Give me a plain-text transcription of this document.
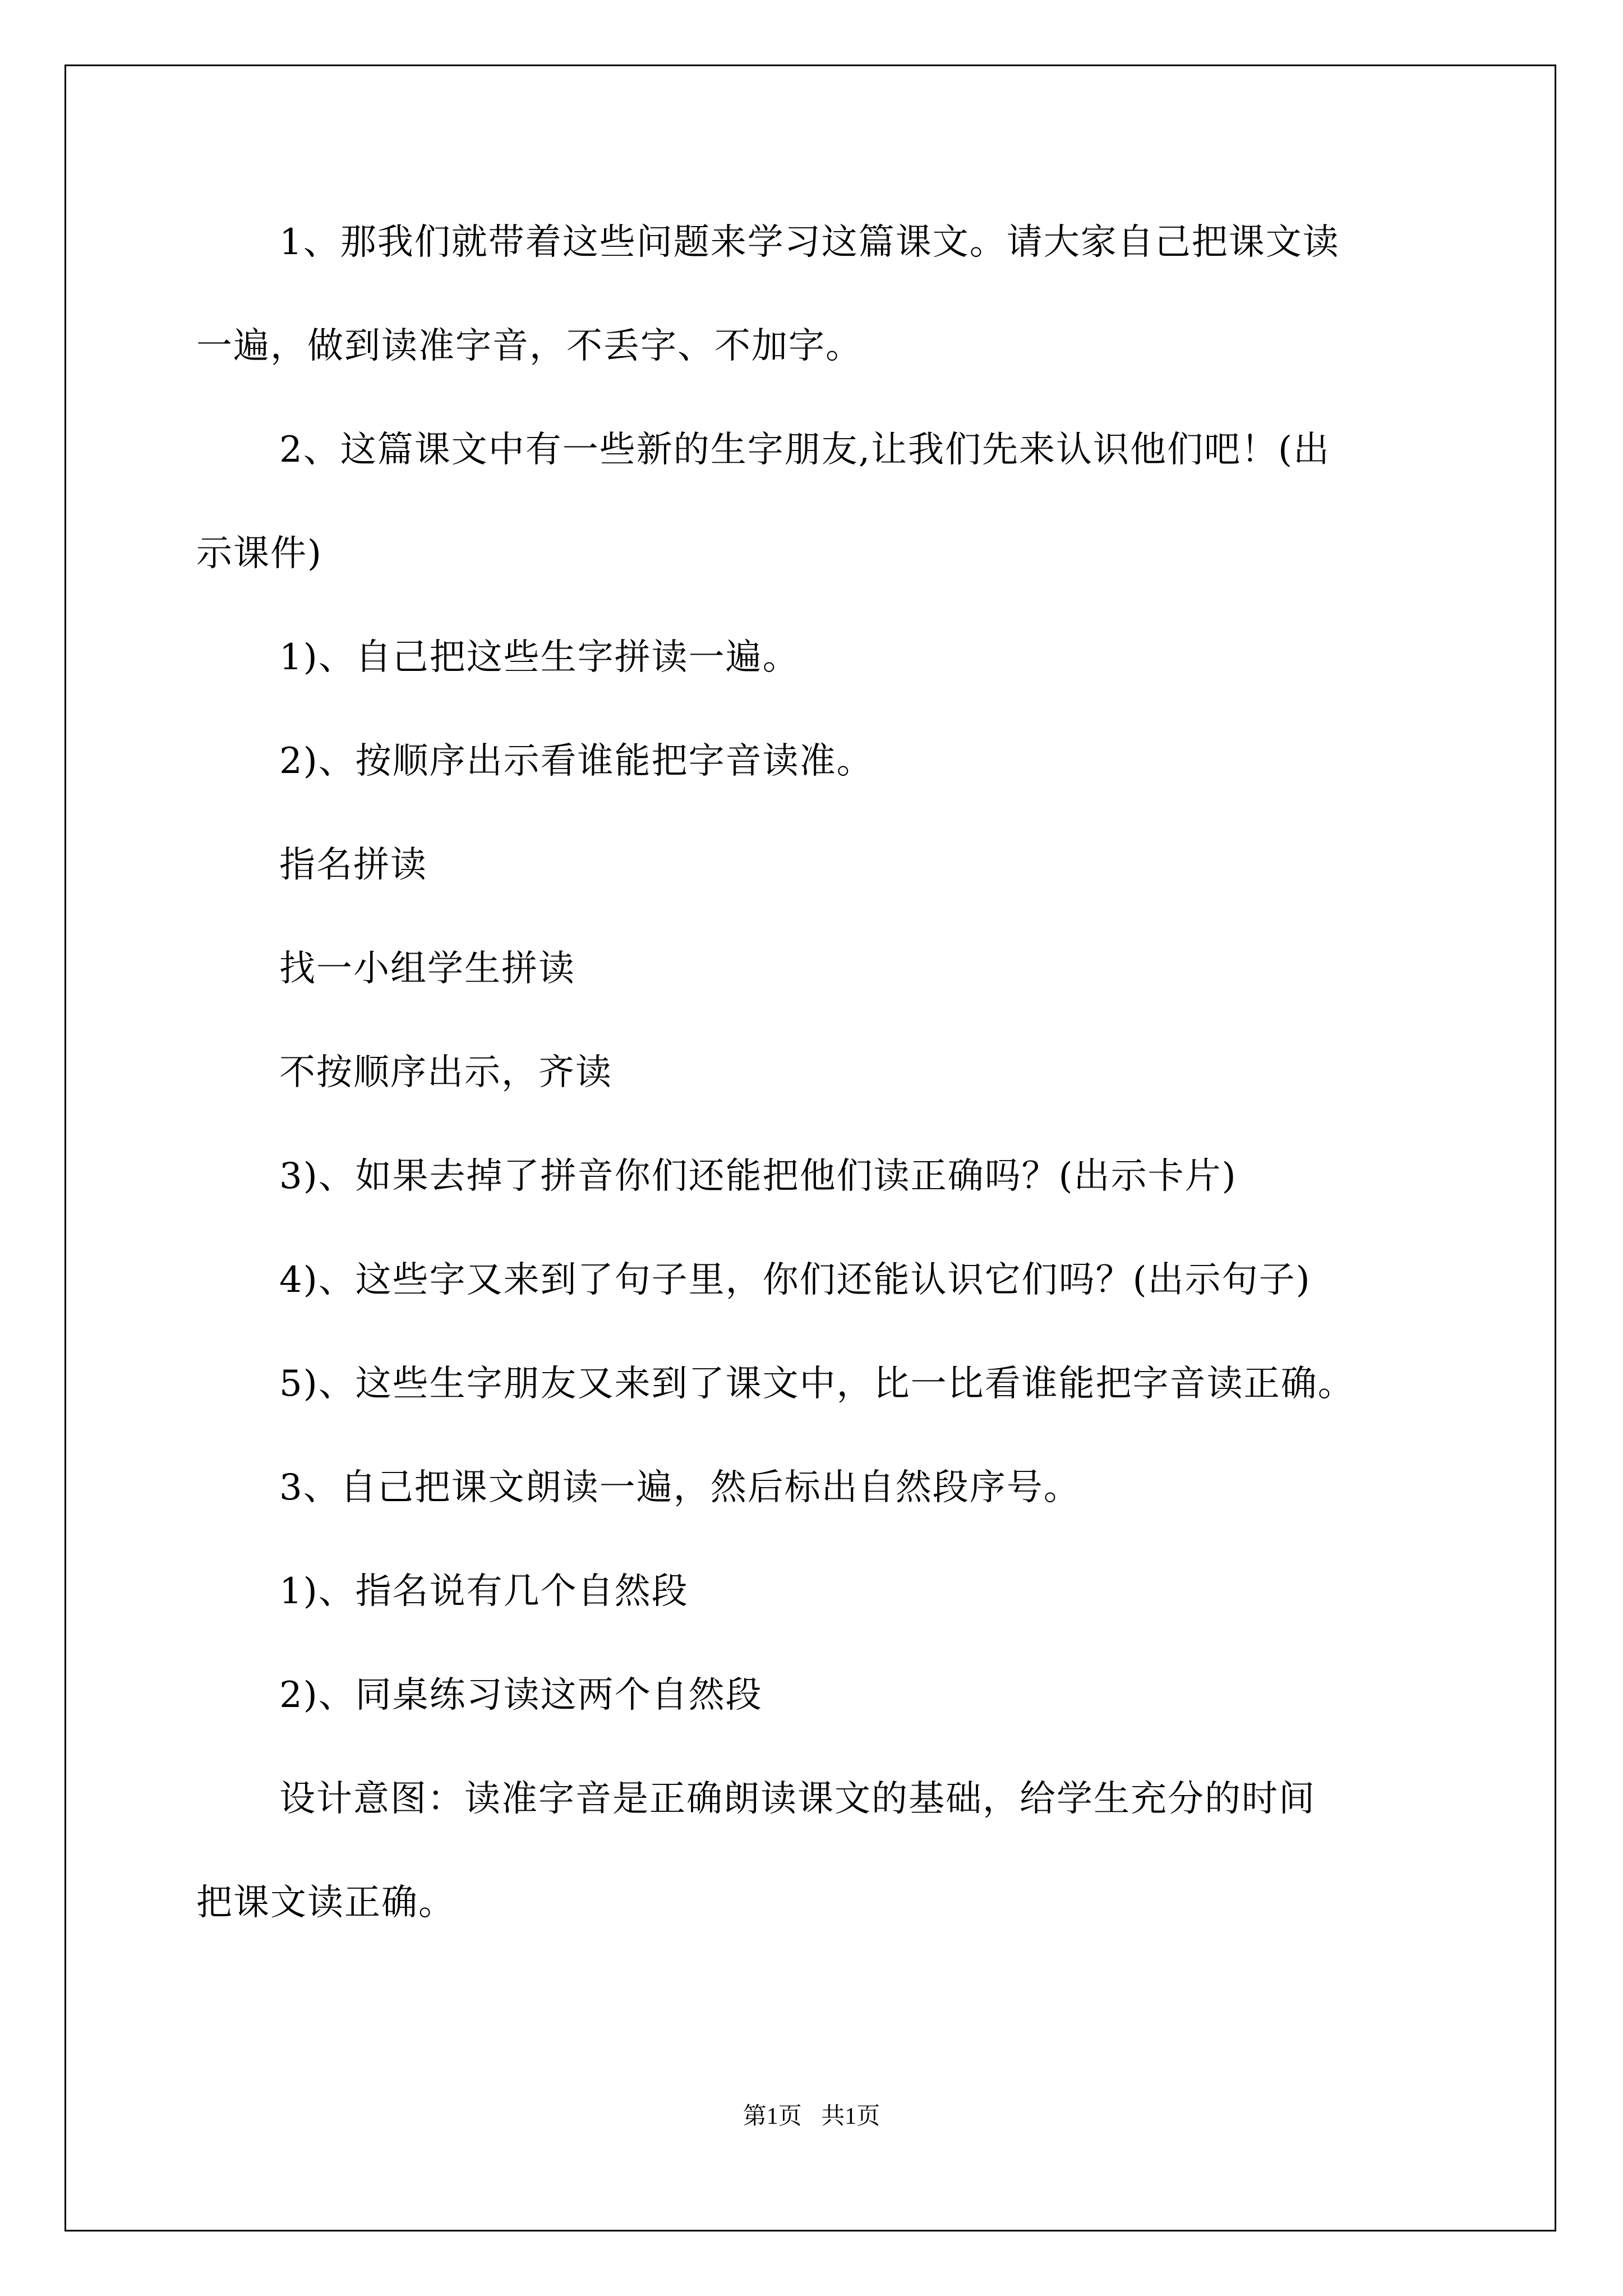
1、那我们就带着这些问题来学习这篇课文。请大家自己把课文读
一遍，做到读准字音，不丢字、不加字。
2、这篇课文中有一些新的生字朋友,让我们先来认识他们吧！(出
示课件)
1)、自己把这些生字拼读一遍。
2)、按顺序出示看谁能把字音读准。
指名拼读
找一小组学生拼读
不按顺序出示，齐读
3)、如果去掉了拼音你们还能把他们读正确吗？(出示卡片)
4)、这些字又来到了句子里，你们还能认识它们吗？(出示句子)
5)、这些生字朋友又来到了课文中，比一比看谁能把字音读正确。
3、自己把课文朗读一遍，然后标出自然段序号。
1)、指名说有几个自然段
2)、同桌练习读这两个自然段
设计意图：读准字音是正确朗读课文的基础，给学生充分的时间
把课文读正确。
第1页 共1页
